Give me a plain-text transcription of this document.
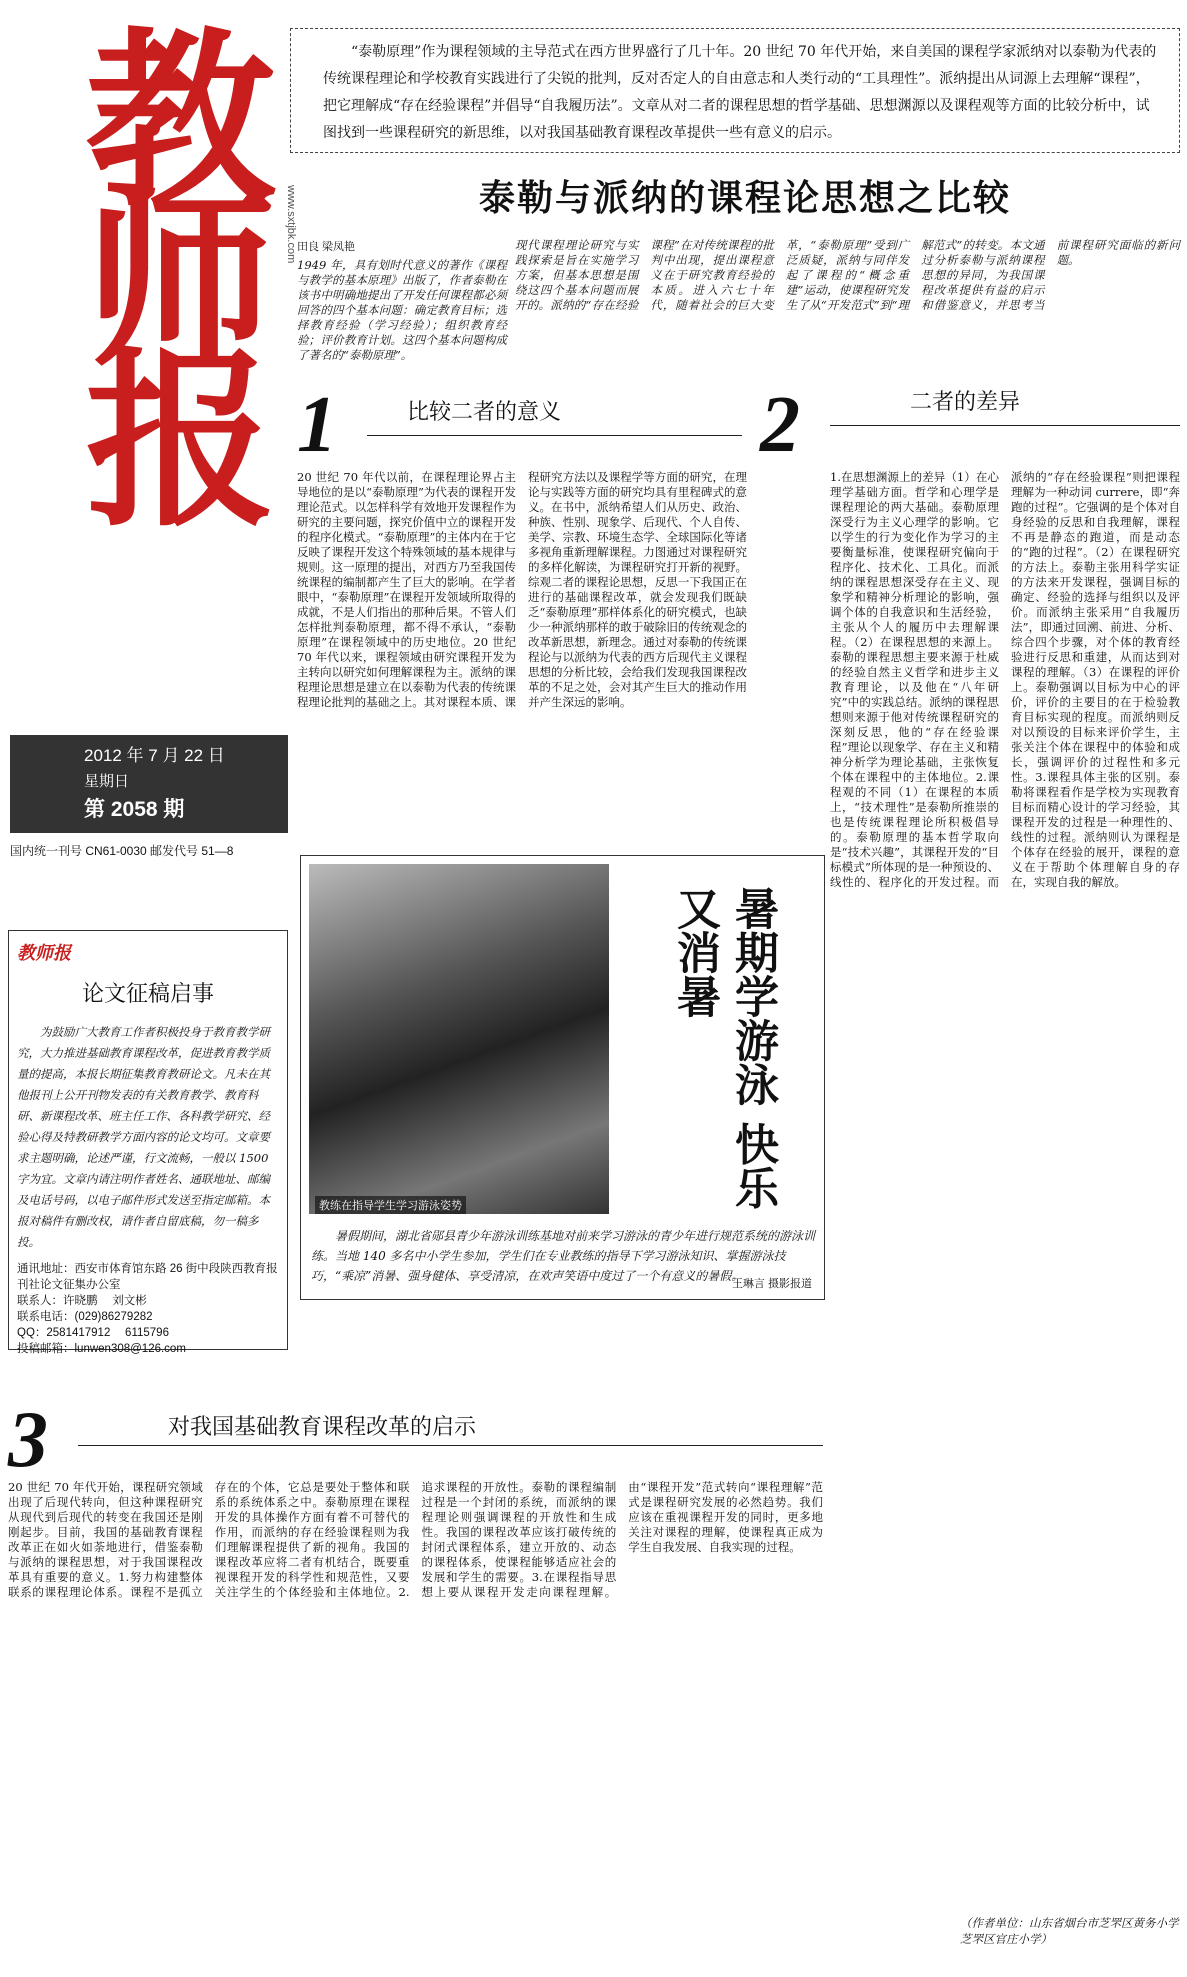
教师报 www.sxtjbk.com
2012 年 7 月 22 日
星期日
第 2058 期
国内统一刊号 CN61-0030 邮发代号 51—8
“泰勒原理”作为课程领域的主导范式在西方世界盛行了几十年。20 世纪 70 年代开始，来自美国的课程学家派纳对以泰勒为代表的传统课程理论和学校教育实践进行了尖锐的批判，反对否定人的自由意志和人类行动的“工具理性”。派纳提出从词源上去理解“课程”，把它理解成“存在经验课程”并倡导“自我履历法”。文章从对二者的课程思想的哲学基础、思想渊源以及课程观等方面的比较分析中，试图找到一些课程研究的新思维，以对我国基础教育课程改革提供一些有意义的启示。
泰勒与派纳的课程论思想之比较
田良 梁凤艳
1949 年，具有划时代意义的著作《课程与教学的基本原理》出版了，作者泰勒在该书中明确地提出了开发任何课程都必须回答的四个基本问题：确定教育目标；选择教育经验（学习经验）；组织教育经验；评价教育计划。这四个基本问题构成了著名的“泰勒原理”。
现代课程理论研究与实践探索是旨在实施学习方案，但基本思想是围绕这四个基本问题而展开的。派纳的“存在经验课程”在对传统课程的批判中出现，提出课程意义在于研究教育经验的本质。进入六七十年代，随着社会的巨大变革，“泰勒原理”受到广泛质疑，派纳与同伴发起了课程的“概念重建”运动，使课程研究发生了从“开发范式”到“理解范式”的转变。本文通过分析泰勒与派纳课程思想的异同，为我国课程改革提供有益的启示和借鉴意义，并思考当前课程研究面临的新问题。
1	比较二者的意义
20 世纪 70 年代以前，在课程理论界占主导地位的是以“泰勒原理”为代表的课程开发理论范式。以怎样科学有效地开发课程作为研究的主要问题，探究价值中立的课程开发的程序化模式。“泰勒原理”的主体内在于它反映了课程开发这个特殊领域的基本规律与规则。这一原理的提出，对西方乃至我国传统课程的编制都产生了巨大的影响。在学者眼中，“泰勒原理”在课程开发领域所取得的成就，不是人们指出的那种后果。不管人们怎样批判泰勒原理，都不得不承认，“泰勒原理”在课程领域中的历史地位。20 世纪 70 年代以来，课程领域由研究课程开发为主转向以研究如何理解课程为主。派纳的课程理论思想是建立在以泰勒为代表的传统课程理论批判的基础之上。其对课程本质、课程研究方法以及课程学等方面的研究，在理论与实践等方面的研究均具有里程碑式的意义。在书中，派纳希望人们从历史、政治、种族、性别、现象学、后现代、个人自传、美学、宗教、环境生态学、全球国际化等诸多视角重新理解课程。力图通过对课程研究的多样化解读，为课程研究打开新的视野。综观二者的课程论思想，反思一下我国正在进行的基础课程改革，就会发现我们既缺乏“泰勒原理”那样体系化的研究模式，也缺少一种派纳那样的敢于破除旧的传统观念的改革新思想，新理念。通过对泰勒的传统课程论与以派纳为代表的西方后现代主义课程思想的分析比较，会给我们发现我国课程改革的不足之处，会对其产生巨大的推动作用并产生深远的影响。
2	二者的差异
1.在思想渊源上的差异（1）在心理学基础方面。哲学和心理学是课程理论的两大基础。泰勒原理深受行为主义心理学的影响。它以学生的行为变化作为学习的主要衡量标准，使课程研究偏向于程序化、技术化、工具化。而派纳的课程思想深受存在主义、现象学和精神分析理论的影响，强调个体的自我意识和生活经验，主张从个人的履历中去理解课程。（2）在课程思想的来源上。泰勒的课程思想主要来源于杜威的经验自然主义哲学和进步主义教育理论，以及他在“八年研究”中的实践总结。派纳的课程思想则来源于他对传统课程研究的深刻反思，他的“存在经验课程”理论以现象学、存在主义和精神分析学为理论基础，主张恢复个体在课程中的主体地位。2.课程观的不同（1）在课程的本质上，“技术理性”是泰勒所推崇的也是传统课程理论所积极倡导的。泰勒原理的基本哲学取向是“技术兴趣”，其课程开发的“目标模式”所体现的是一种预设的、线性的、程序化的开发过程。而派纳的“存在经验课程”则把课程理解为一种动词 currere，即“奔跑的过程”。它强调的是个体对自身经验的反思和自我理解，课程不再是静态的跑道，而是动态的“跑的过程”。（2）在课程研究的方法上。泰勒主张用科学实证的方法来开发课程，强调目标的确定、经验的选择与组织以及评价。而派纳主张采用“自我履历法”，即通过回溯、前进、分析、综合四个步骤，对个体的教育经验进行反思和重建，从而达到对课程的理解。（3）在课程的评价上。泰勒强调以目标为中心的评价，评价的主要目的在于检验教育目标实现的程度。而派纳则反对以预设的目标来评价学生，主张关注个体在课程中的体验和成长，强调评价的过程性和多元性。3.课程具体主张的区别。泰勒将课程看作是学校为实现教育目标而精心设计的学习经验，其课程开发的过程是一种理性的、线性的过程。派纳则认为课程是个体存在经验的展开，课程的意义在于帮助个体理解自身的存在，实现自我的解放。
教练在指导学生学习游泳姿势	暑期学游泳 快乐又消暑
暑假期间，湖北省郧县青少年游泳训练基地对前来学习游泳的青少年进行规范系统的游泳训练。当地 140 多名中小学生参加，学生们在专业教练的指导下学习游泳知识、掌握游泳技巧，“乘凉”消暑、强身健体、享受清凉，在欢声笑语中度过了一个有意义的暑假。
王琳言 摄影报道
教师报
论文征稿启事
为鼓励广大教育工作者积极投身于教育教学研究，大力推进基础教育课程改革，促进教育教学质量的提高，本报长期征集教育教研论文。凡未在其他报刊上公开刊物发表的有关教育教学、教育科研、新课程改革、班主任工作、各科教学研究、经验心得及特教研教学方面内容的论文均可。文章要求主题明确，论述严谨，行文流畅，一般以 1500 字为宜。文章内请注明作者姓名、通联地址、邮编及电话号码，以电子邮件形式发送至指定邮箱。本报对稿件有删改权，请作者自留底稿，勿一稿多投。
通讯地址：西安市体育馆东路 26 街中段陕西教育报刊社论文征集办公室
联系人：许晓鹏　 刘文彬
联系电话：(029)86279282
QQ：2581417912　 6115796
投稿邮箱：lunwen308@126.com
3	对我国基础教育课程改革的启示
20 世纪 70 年代开始，课程研究领域出现了后现代转向，但这种课程研究从现代到后现代的转变在我国还是刚刚起步。目前，我国的基础教育课程改革正在如火如荼地进行，借鉴泰勒与派纳的课程思想，对于我国课程改革具有重要的意义。1.努力构建整体联系的课程理论体系。课程不是孤立存在的个体，它总是要处于整体和联系的系统体系之中。泰勒原理在课程开发的具体操作方面有着不可替代的作用，而派纳的存在经验课程则为我们理解课程提供了新的视角。我国的课程改革应将二者有机结合，既要重视课程开发的科学性和规范性，又要关注学生的个体经验和主体地位。2.追求课程的开放性。泰勒的课程编制过程是一个封闭的系统，而派纳的课程理论则强调课程的开放性和生成性。我国的课程改革应该打破传统的封闭式课程体系，建立开放的、动态的课程体系，使课程能够适应社会的发展和学生的需要。3.在课程指导思想上要从课程开发走向课程理解。由“课程开发”范式转向“课程理解”范式是课程研究发展的必然趋势。我们应该在重视课程开发的同时，更多地关注对课程的理解，使课程真正成为学生自我发展、自我实现的过程。
（作者单位：山东省烟台市芝罘区黄务小学 芝罘区官庄小学）
